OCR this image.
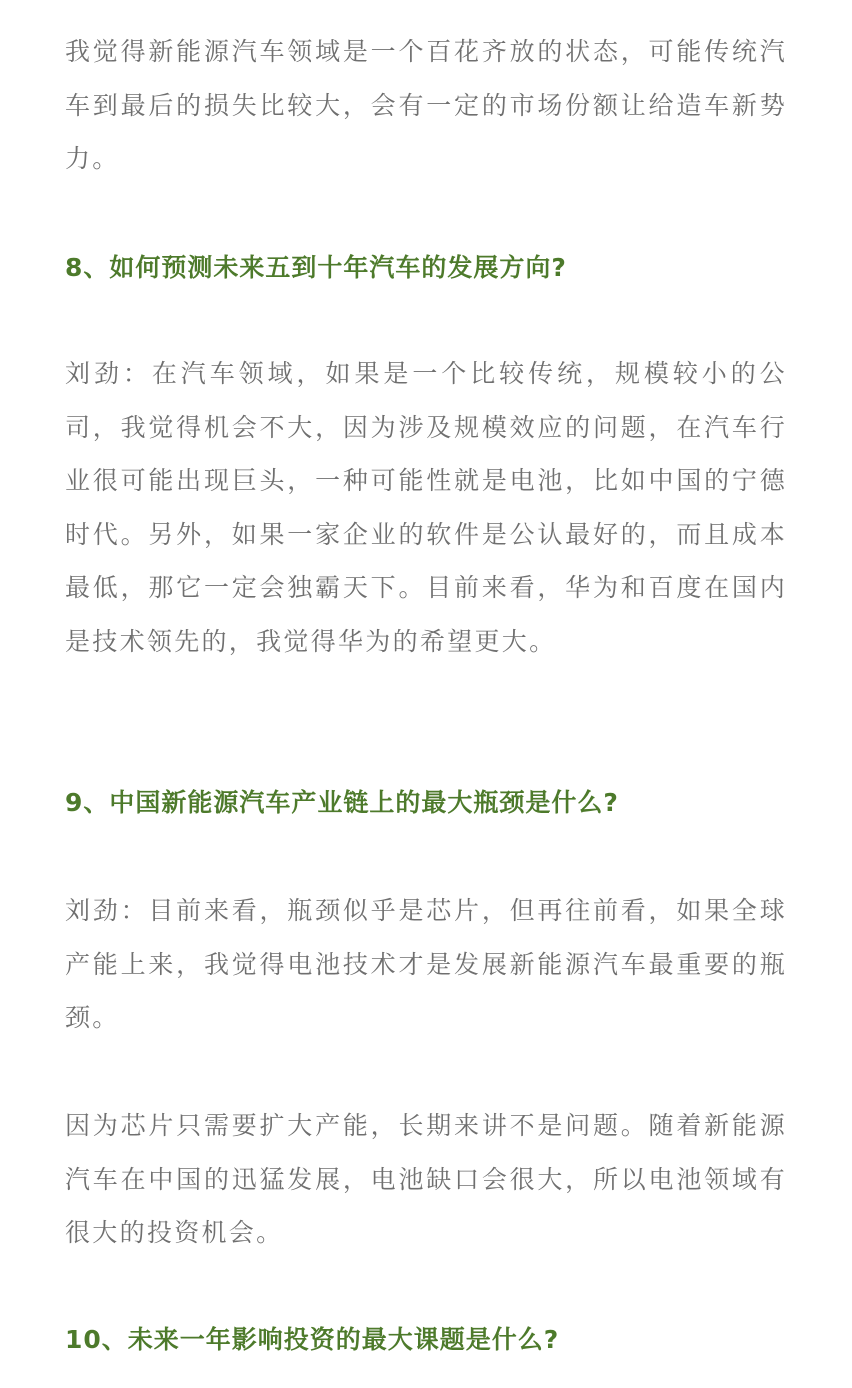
我觉得新能源汽车领域是一个百花齐放的状态，可能传统汽车到最后的损失比较大，会有一定的市场份额让给造车新势力。

8、如何预测未来五到十年汽车的发展方向?

刘劲：在汽车领域，如果是一个比较传统，规模较小的公司，我觉得机会不大，因为涉及规模效应的问题，在汽车行业很可能出现巨头，一种可能性就是电池，比如中国的宁德时代。另外，如果一家企业的软件是公认最好的，而且成本最低，那它一定会独霸天下。目前来看，华为和百度在国内是技术领先的，我觉得华为的希望更大。

9、中国新能源汽车产业链上的最大瓶颈是什么?

刘劲：目前来看，瓶颈似乎是芯片，但再往前看，如果全球产能上来，我觉得电池技术才是发展新能源汽车最重要的瓶颈。

因为芯片只需要扩大产能，长期来讲不是问题。随着新能源汽车在中国的迅猛发展，电池缺口会很大，所以电池领域有很大的投资机会。

10、未来一年影响投资的最大课题是什么?
